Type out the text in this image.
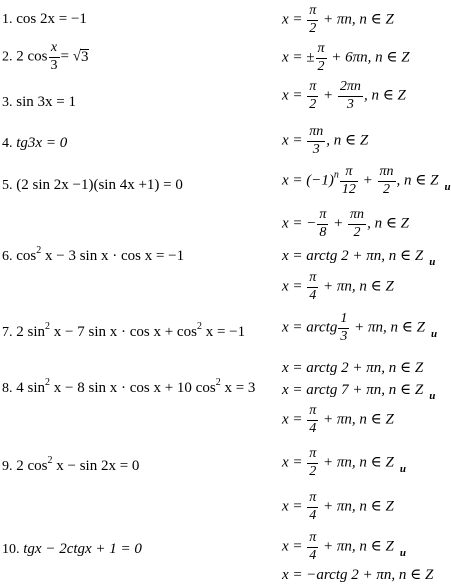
1. cos 2x = −1
2. 2 $\cos \frac{x}{3} = √3$
3. sin 3x = 1
4. tg3x = 0
5. (2 sin 2x −1)(sin 4x +1) = 0
6. $\cos^2 x - 3$ sin x · cos x = −1
7. 2 $\sin^2 x - 7$ $\sin x \cdot \cos x + \cos^2 x = -1$
8. 4 $\sin^2 x - 8$ sin x · cos x + 10 $\cos^2 x = 3$
9. 2 $\cos^2 x - \sin 2x = 0$
10. tgx − 2ctgx + 1 = 0
$x = \frac{\pi}{2} + \pi n$, n ∈ Z
x = ± $\frac{\pi}{2} + 6\pi n$, n ∈ Z
$x = \frac{\pi}{2} + \frac{2\pi n}{3}$ , n ∈ Z
$x = \frac{\pi n}{3}$ , n ∈ Z
$x = (-1)^n \frac{\pi}{12} + \frac{\pi n}{2}$ , n ∈ Z $_и$
x = − $\frac{\pi}{8} + \frac{\pi n}{2}$ , n ∈ Z
x = arctg 2 + πn, n ∈ Z $_и$
$x = \frac{\pi}{4} + \pi n$, n ∈ Z
x = arctg $\frac{1}{3} + \pi n$, n ∈ Z $_и$
x = arctg 2 + πn, n ∈ Z
x = arctg 7 + πn, n ∈ Z $_и$
$x = \frac{\pi}{4} + \pi n$, n ∈ Z
$x = \frac{\pi}{2} + \pi n$, n ∈ Z $_и$
$x = \frac{\pi}{4} + \pi n$, n ∈ Z
$x = \frac{\pi}{4} + \pi n$, n ∈ Z $_и$
x = −arctg 2 + πn, n ∈ Z
